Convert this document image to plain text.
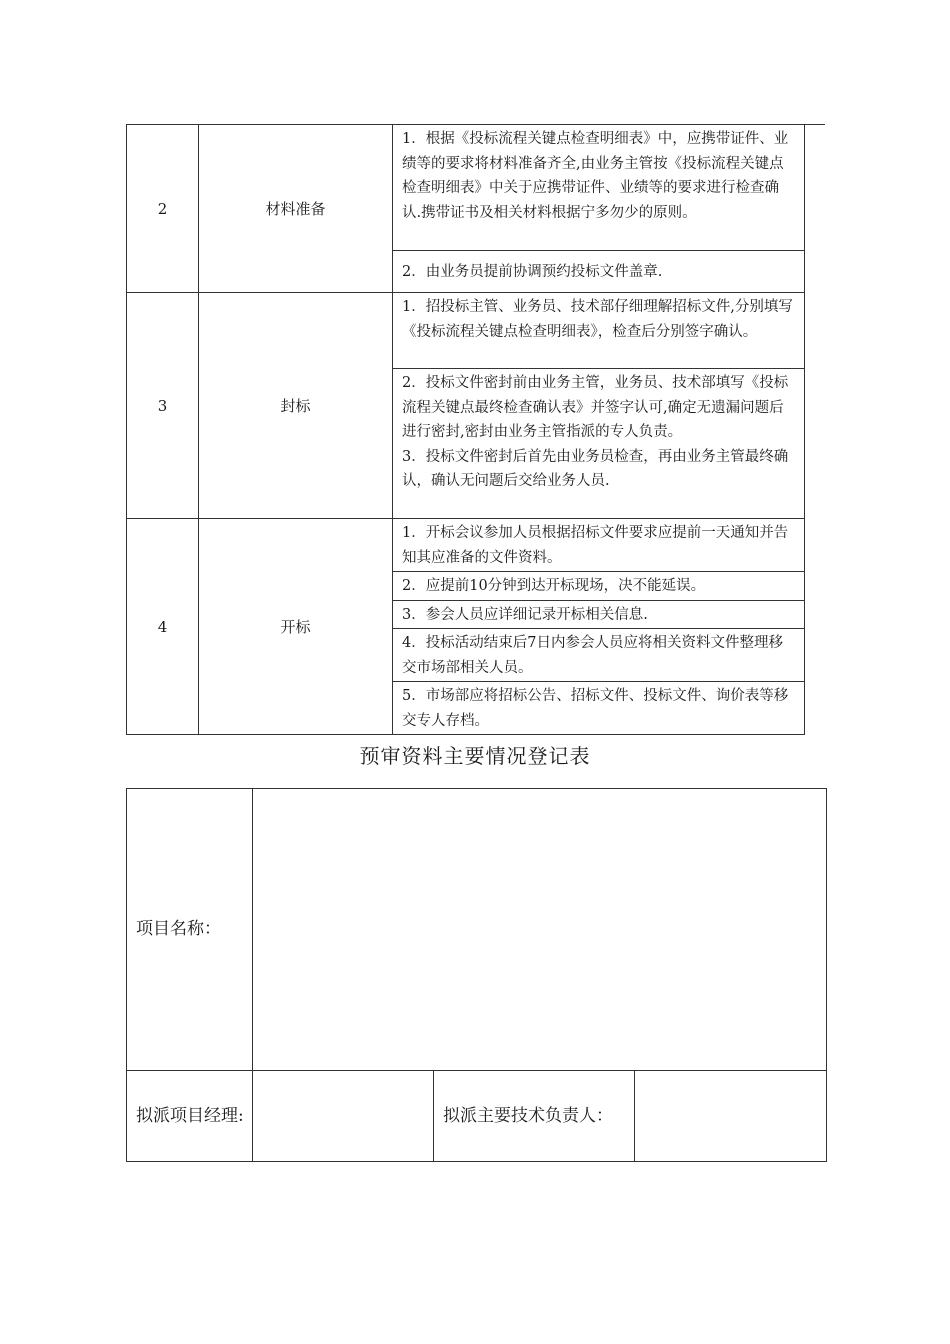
2	材料准备	1．根据《投标流程关键点检查明细表》中，应携带证件、业绩等的要求将材料准备齐全,由业务主管按《投标流程关键点检查明细表》中关于应携带证件、业绩等的要求进行检查确认.携带证书及相关材料根据宁多勿少的原则。
		2．由业务员提前协调预约投标文件盖章.
3	封标	1．招投标主管、业务员、技术部仔细理解招标文件,分别填写《投标流程关键点检查明细表》，检查后分别签字确认。

		2．投标文件密封前由业务主管，业务员、技术部填写《投标流程关键点最终检查确认表》并签字认可,确定无遗漏问题后进行密封,密封由业务主管指派的专人负责。
3．投标文件密封后首先由业务员检查，再由业务主管最终确认，确认无问题后交给业务人员.

4	开标	1．开标会议参加人员根据招标文件要求应提前一天通知并告知其应准备的文件资料。
		2．应提前10分钟到达开标现场，决不能延误。
		3．参会人员应详细记录开标相关信息.
		4．投标活动结束后7日内参会人员应将相关资料文件整理移交市场部相关人员。
		5．市场部应将招标公告、招标文件、投标文件、询价表等移交专人存档。
预审资料主要情况登记表
项目名称：			
拟派项目经理:		拟派主要技术负责人：	
